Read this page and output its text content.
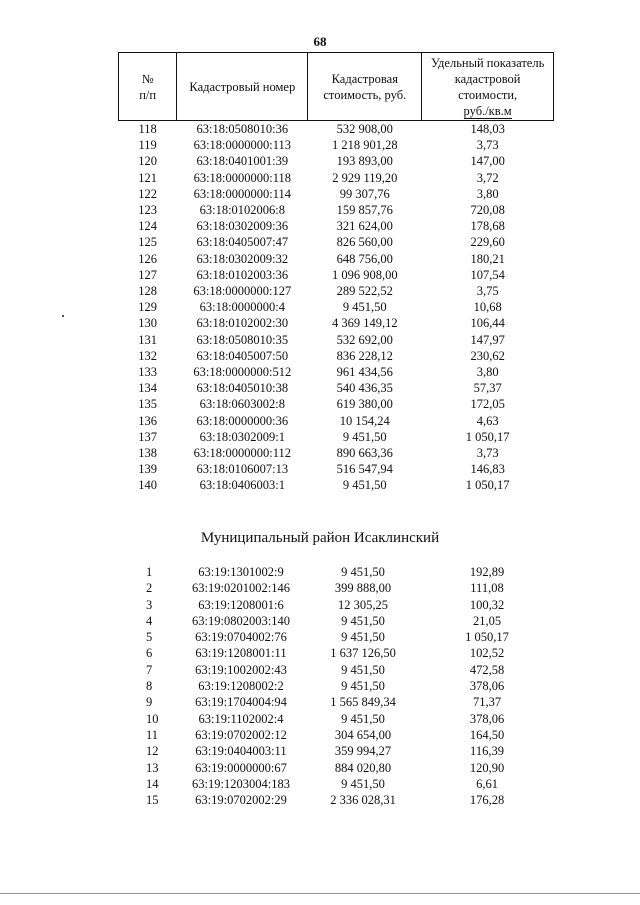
68
№
п/п	Кадастровый номер	Кадастровая стоимость, руб.	Удельный показатель кадастровой стоимости,
руб./кв.м
118	63:18:0508010:36	532 908,00	148,03
119	63:18:0000000:113	1 218 901,28	3,73
120	63:18:0401001:39	193 893,00	147,00
121	63:18:0000000:118	2 929 119,20	3,72
122	63:18:0000000:114	99 307,76	3,80
123	63:18:0102006:8	159 857,76	720,08
124	63:18:0302009:36	321 624,00	178,68
125	63:18:0405007:47	826 560,00	229,60
126	63:18:0302009:32	648 756,00	180,21
127	63:18:0102003:36	1 096 908,00	107,54
128	63:18:0000000:127	289 522,52	3,75
129	63:18:0000000:4	9 451,50	10,68
130	63:18:0102002:30	4 369 149,12	106,44
131	63:18:0508010:35	532 692,00	147,97
132	63:18:0405007:50	836 228,12	230,62
133	63:18:0000000:512	961 434,56	3,80
134	63:18:0405010:38	540 436,35	57,37
135	63:18:0603002:8	619 380,00	172,05
136	63:18:0000000:36	10 154,24	4,63
137	63:18:0302009:1	9 451,50	1 050,17
138	63:18:0000000:112	890 663,36	3,73
139	63:18:0106007:13	516 547,94	146,83
140	63:18:0406003:1	9 451,50	1 050,17
Муниципальный район Исаклинский
1	63:19:1301002:9	9 451,50	192,89
2	63:19:0201002:146	399 888,00	111,08
3	63:19:1208001:6	12 305,25	100,32
4	63:19:0802003:140	9 451,50	21,05
5	63:19:0704002:76	9 451,50	1 050,17
6	63:19:1208001:11	1 637 126,50	102,52
7	63:19:1002002:43	9 451,50	472,58
8	63:19:1208002:2	9 451,50	378,06
9	63:19:1704004:94	1 565 849,34	71,37
10	63:19:1102002:4	9 451,50	378,06
11	63:19:0702002:12	304 654,00	164,50
12	63:19:0404003:11	359 994,27	116,39
13	63:19:0000000:67	884 020,80	120,90
14	63:19:1203004:183	9 451,50	6,61
15	63:19:0702002:29	2 336 028,31	176,28
